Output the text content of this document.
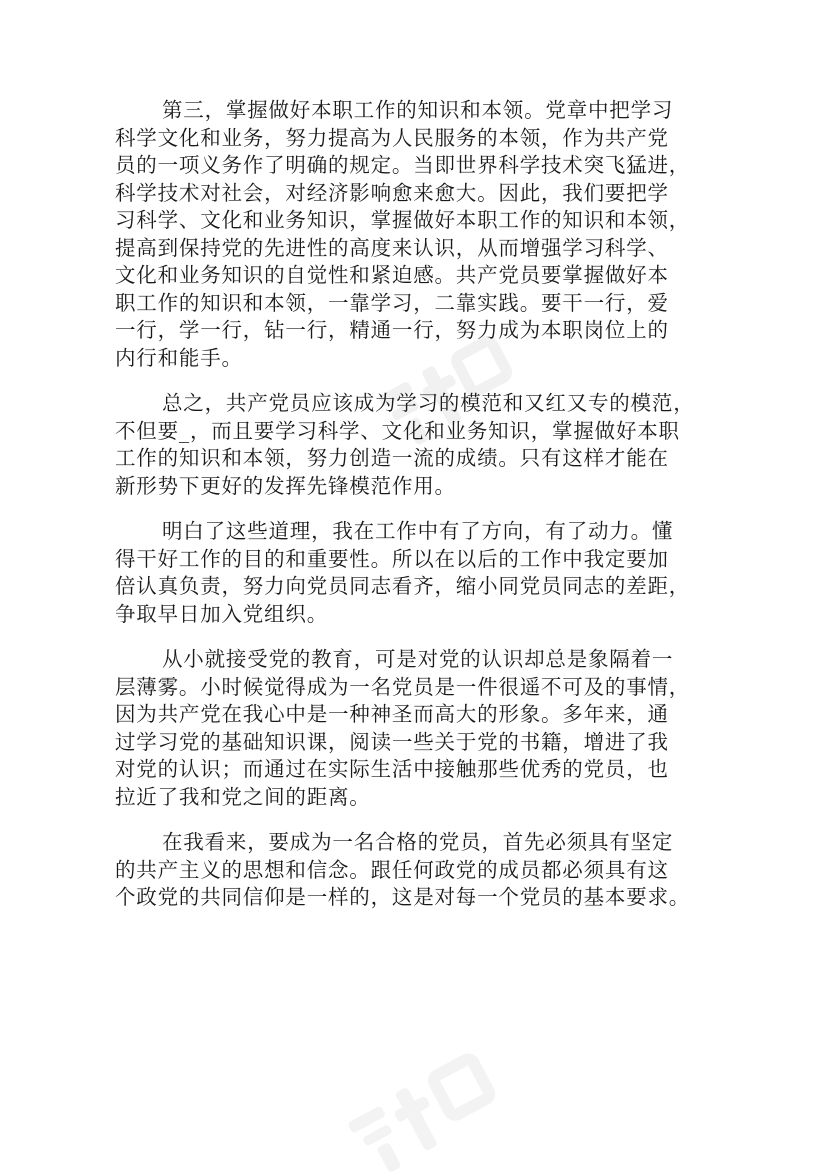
第三，掌握做好本职工作的知识和本领。党章中把学习
科学文化和业务，努力提高为人民服务的本领，作为共产党
员的一项义务作了明确的规定。当即世界科学技术突飞猛进，
科学技术对社会，对经济影响愈来愈大。因此，我们要把学
习科学、文化和业务知识，掌握做好本职工作的知识和本领，
提高到保持党的先进性的高度来认识，从而增强学习科学、
文化和业务知识的自觉性和紧迫感。共产党员要掌握做好本
职工作的知识和本领，一靠学习，二靠实践。要干一行，爱
一行，学一行，钻一行，精通一行，努力成为本职岗位上的
内行和能手。
总之，共产党员应该成为学习的模范和又红又专的模范，
不但要_，而且要学习科学、文化和业务知识，掌握做好本职
工作的知识和本领，努力创造一流的成绩。只有这样才能在
新形势下更好的发挥先锋模范作用。
明白了这些道理，我在工作中有了方向，有了动力。懂
得干好工作的目的和重要性。所以在以后的工作中我定要加
倍认真负责，努力向党员同志看齐，缩小同党员同志的差距，
争取早日加入党组织。
从小就接受党的教育，可是对党的认识却总是象隔着一
层薄雾。小时候觉得成为一名党员是一件很遥不可及的事情，
因为共产党在我心中是一种神圣而高大的形象。多年来，通
过学习党的基础知识课，阅读一些关于党的书籍，增进了我
对党的认识；而通过在实际生活中接触那些优秀的党员，也
拉近了我和党之间的距离。
在我看来，要成为一名合格的党员，首先必须具有坚定
的共产主义的思想和信念。跟任何政党的成员都必须具有这
个政党的共同信仰是一样的，这是对每一个党员的基本要求。
